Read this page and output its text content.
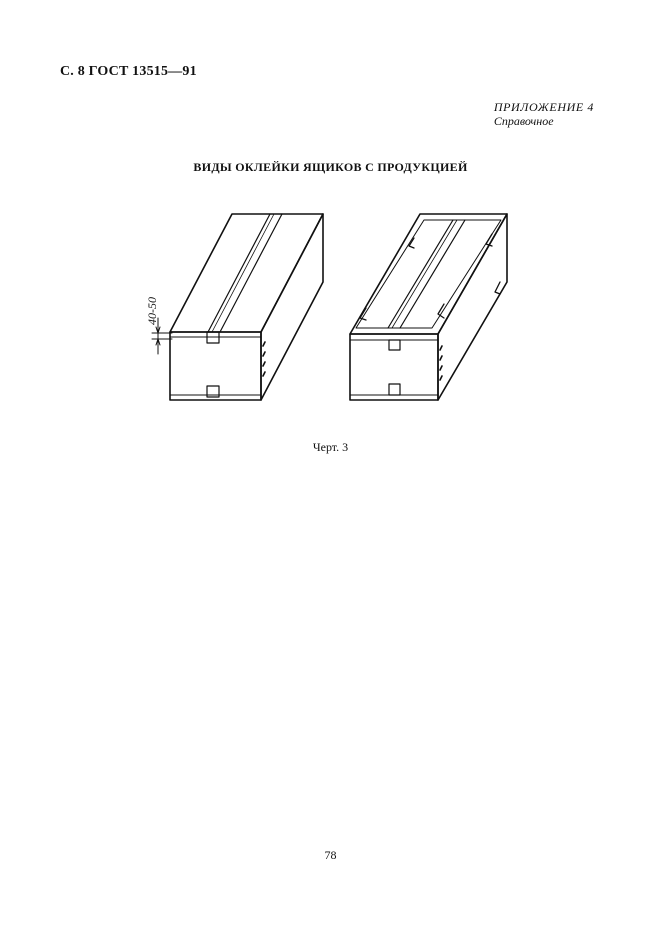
С. 8 ГОСТ 13515—91
ПРИЛОЖЕНИЕ 4
Справочное
ВИДЫ ОКЛЕЙКИ ЯЩИКОВ С ПРОДУКЦИЕЙ
40-50
Черт. 3
78
